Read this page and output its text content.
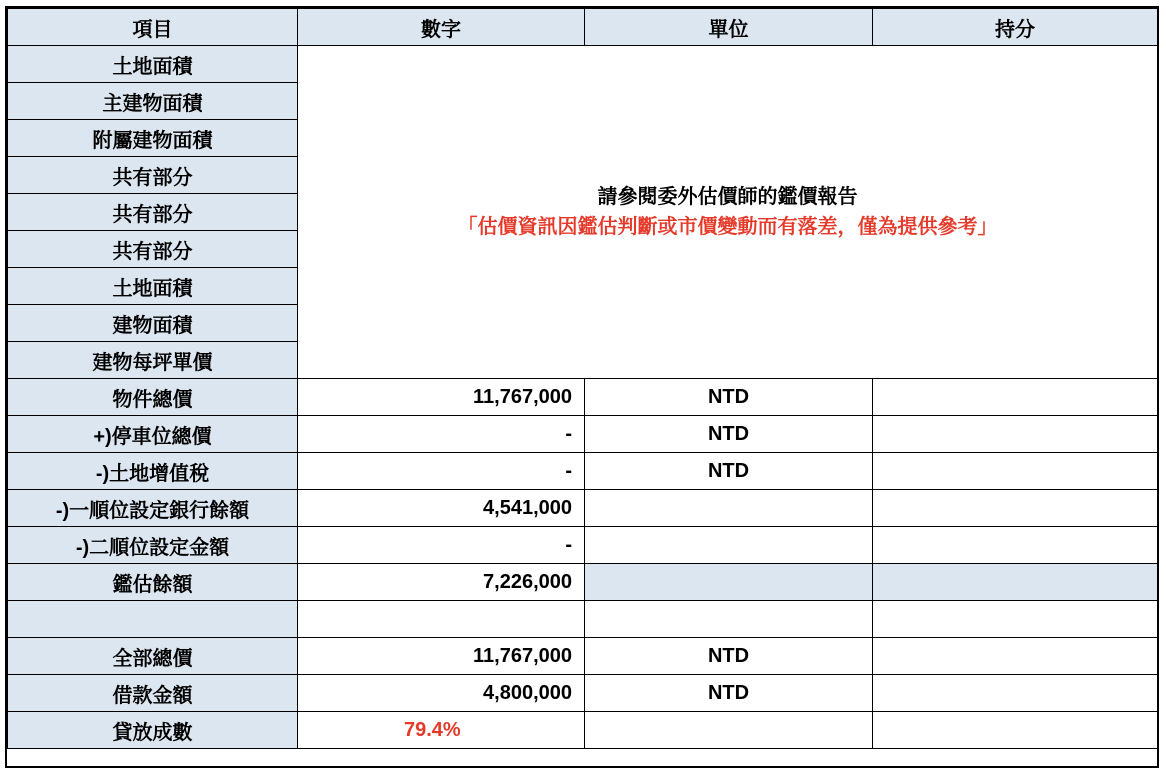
項目	數字	單位	持分
土地面積	請參閱委外估價師的鑑價報告
「估價資訊因鑑估判斷或市價變動而有落差，僅為提供參考」		

主建物面積			
附屬建物面積			
共有部分			
共有部分			
共有部分			
土地面積			
建物面積			
建物每坪單價			
物件總價	11,767,000	NTD	
+)停車位總價	-	NTD	
-)土地增值稅	-	NTD	
-)一順位設定銀行餘額	4,541,000		
-)二順位設定金額	-		
鑑估餘額	7,226,000		

全部總價	11,767,000	NTD	
借款金額	4,800,000	NTD	
貸放成數	79.4%		
